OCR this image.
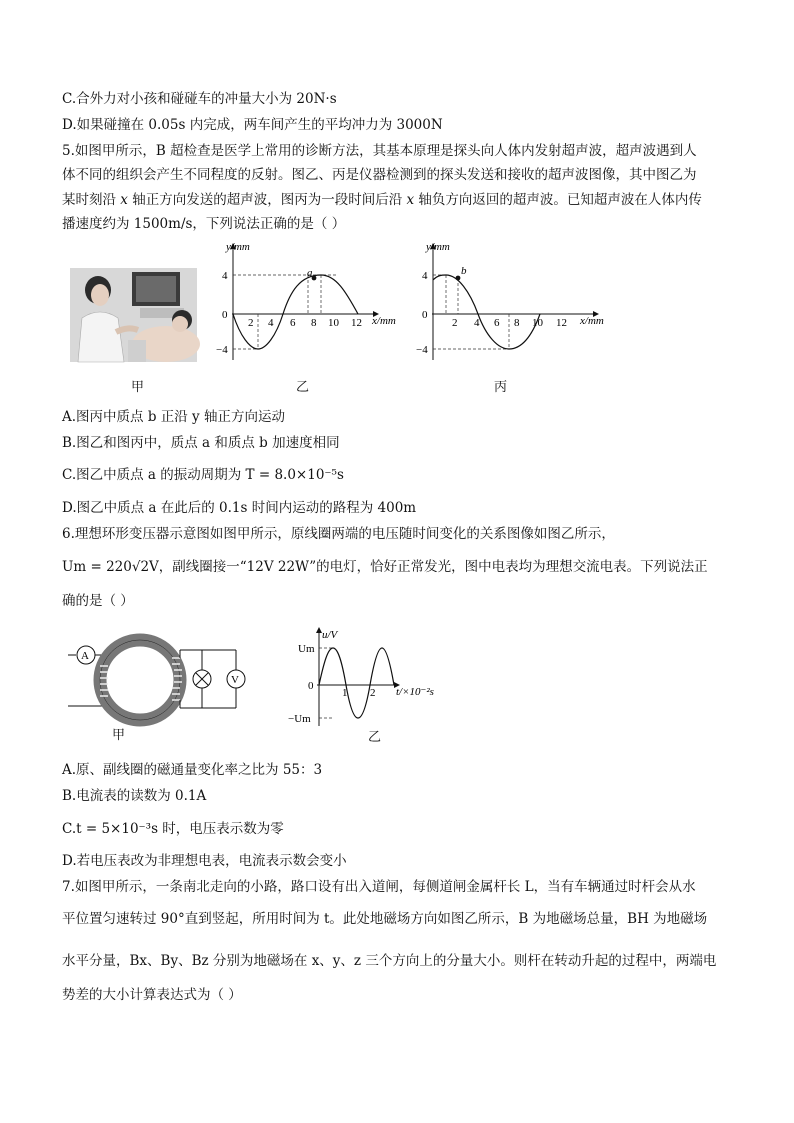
C.合外力对小孩和碰碰车的冲量大小为 20N·s
D.如果碰撞在 0.05s 内完成，两车间产生的平均冲力为 3000N
5.如图甲所示，B 超检查是医学上常用的诊断方法，其基本原理是探头向人体内发射超声波，超声波遇到人
体不同的组织会产生不同程度的反射。图乙、丙是仪器检测到的探头发送和接收的超声波图像，其中图乙为
某时刻沿 x 轴正方向发送的超声波，图丙为一段时间后沿 x 轴负方向返回的超声波。已知超声波在人体内传
播速度约为 1500m/s，下列说法正确的是（ ）
甲
a
y/mm
x/mm
4
−4
0
2 4 6 8 10 12
乙
b
y/mm
x/mm
4
−4
0
2 4 6 8 10 12
丙
A.图丙中质点 b 正沿 y 轴正方向运动
B.图乙和图丙中，质点 a 和质点 b 加速度相同
C.图乙中质点 a 的振动周期为 T = 8.0×10⁻⁵s
D.图乙中质点 a 在此后的 0.1s 时间内运动的路程为 400m
6.理想环形变压器示意图如图甲所示，原线圈两端的电压随时间变化的关系图像如图乙所示，
Um = 220√2V，副线圈接一“12V 22W”的电灯，恰好正常发光，图中电表均为理想交流电表。下列说法正
确的是（ ）
A
V
甲
u/V
t/×10⁻²s
Um
−Um
0
1 2
乙
A.原、副线圈的磁通量变化率之比为 55：3
B.电流表的读数为 0.1A
C.t = 5×10⁻³s 时，电压表示数为零
D.若电压表改为非理想电表，电流表示数会变小
7.如图甲所示，一条南北走向的小路，路口设有出入道闸，每侧道闸金属杆长 L，当有车辆通过时杆会从水
平位置匀速转过 90°直到竖起，所用时间为 t。此处地磁场方向如图乙所示，B 为地磁场总量，BH 为地磁场
水平分量，Bx、By、Bz 分别为地磁场在 x、y、z 三个方向上的分量大小。则杆在转动升起的过程中，两端电
势差的大小计算表达式为（ ）
